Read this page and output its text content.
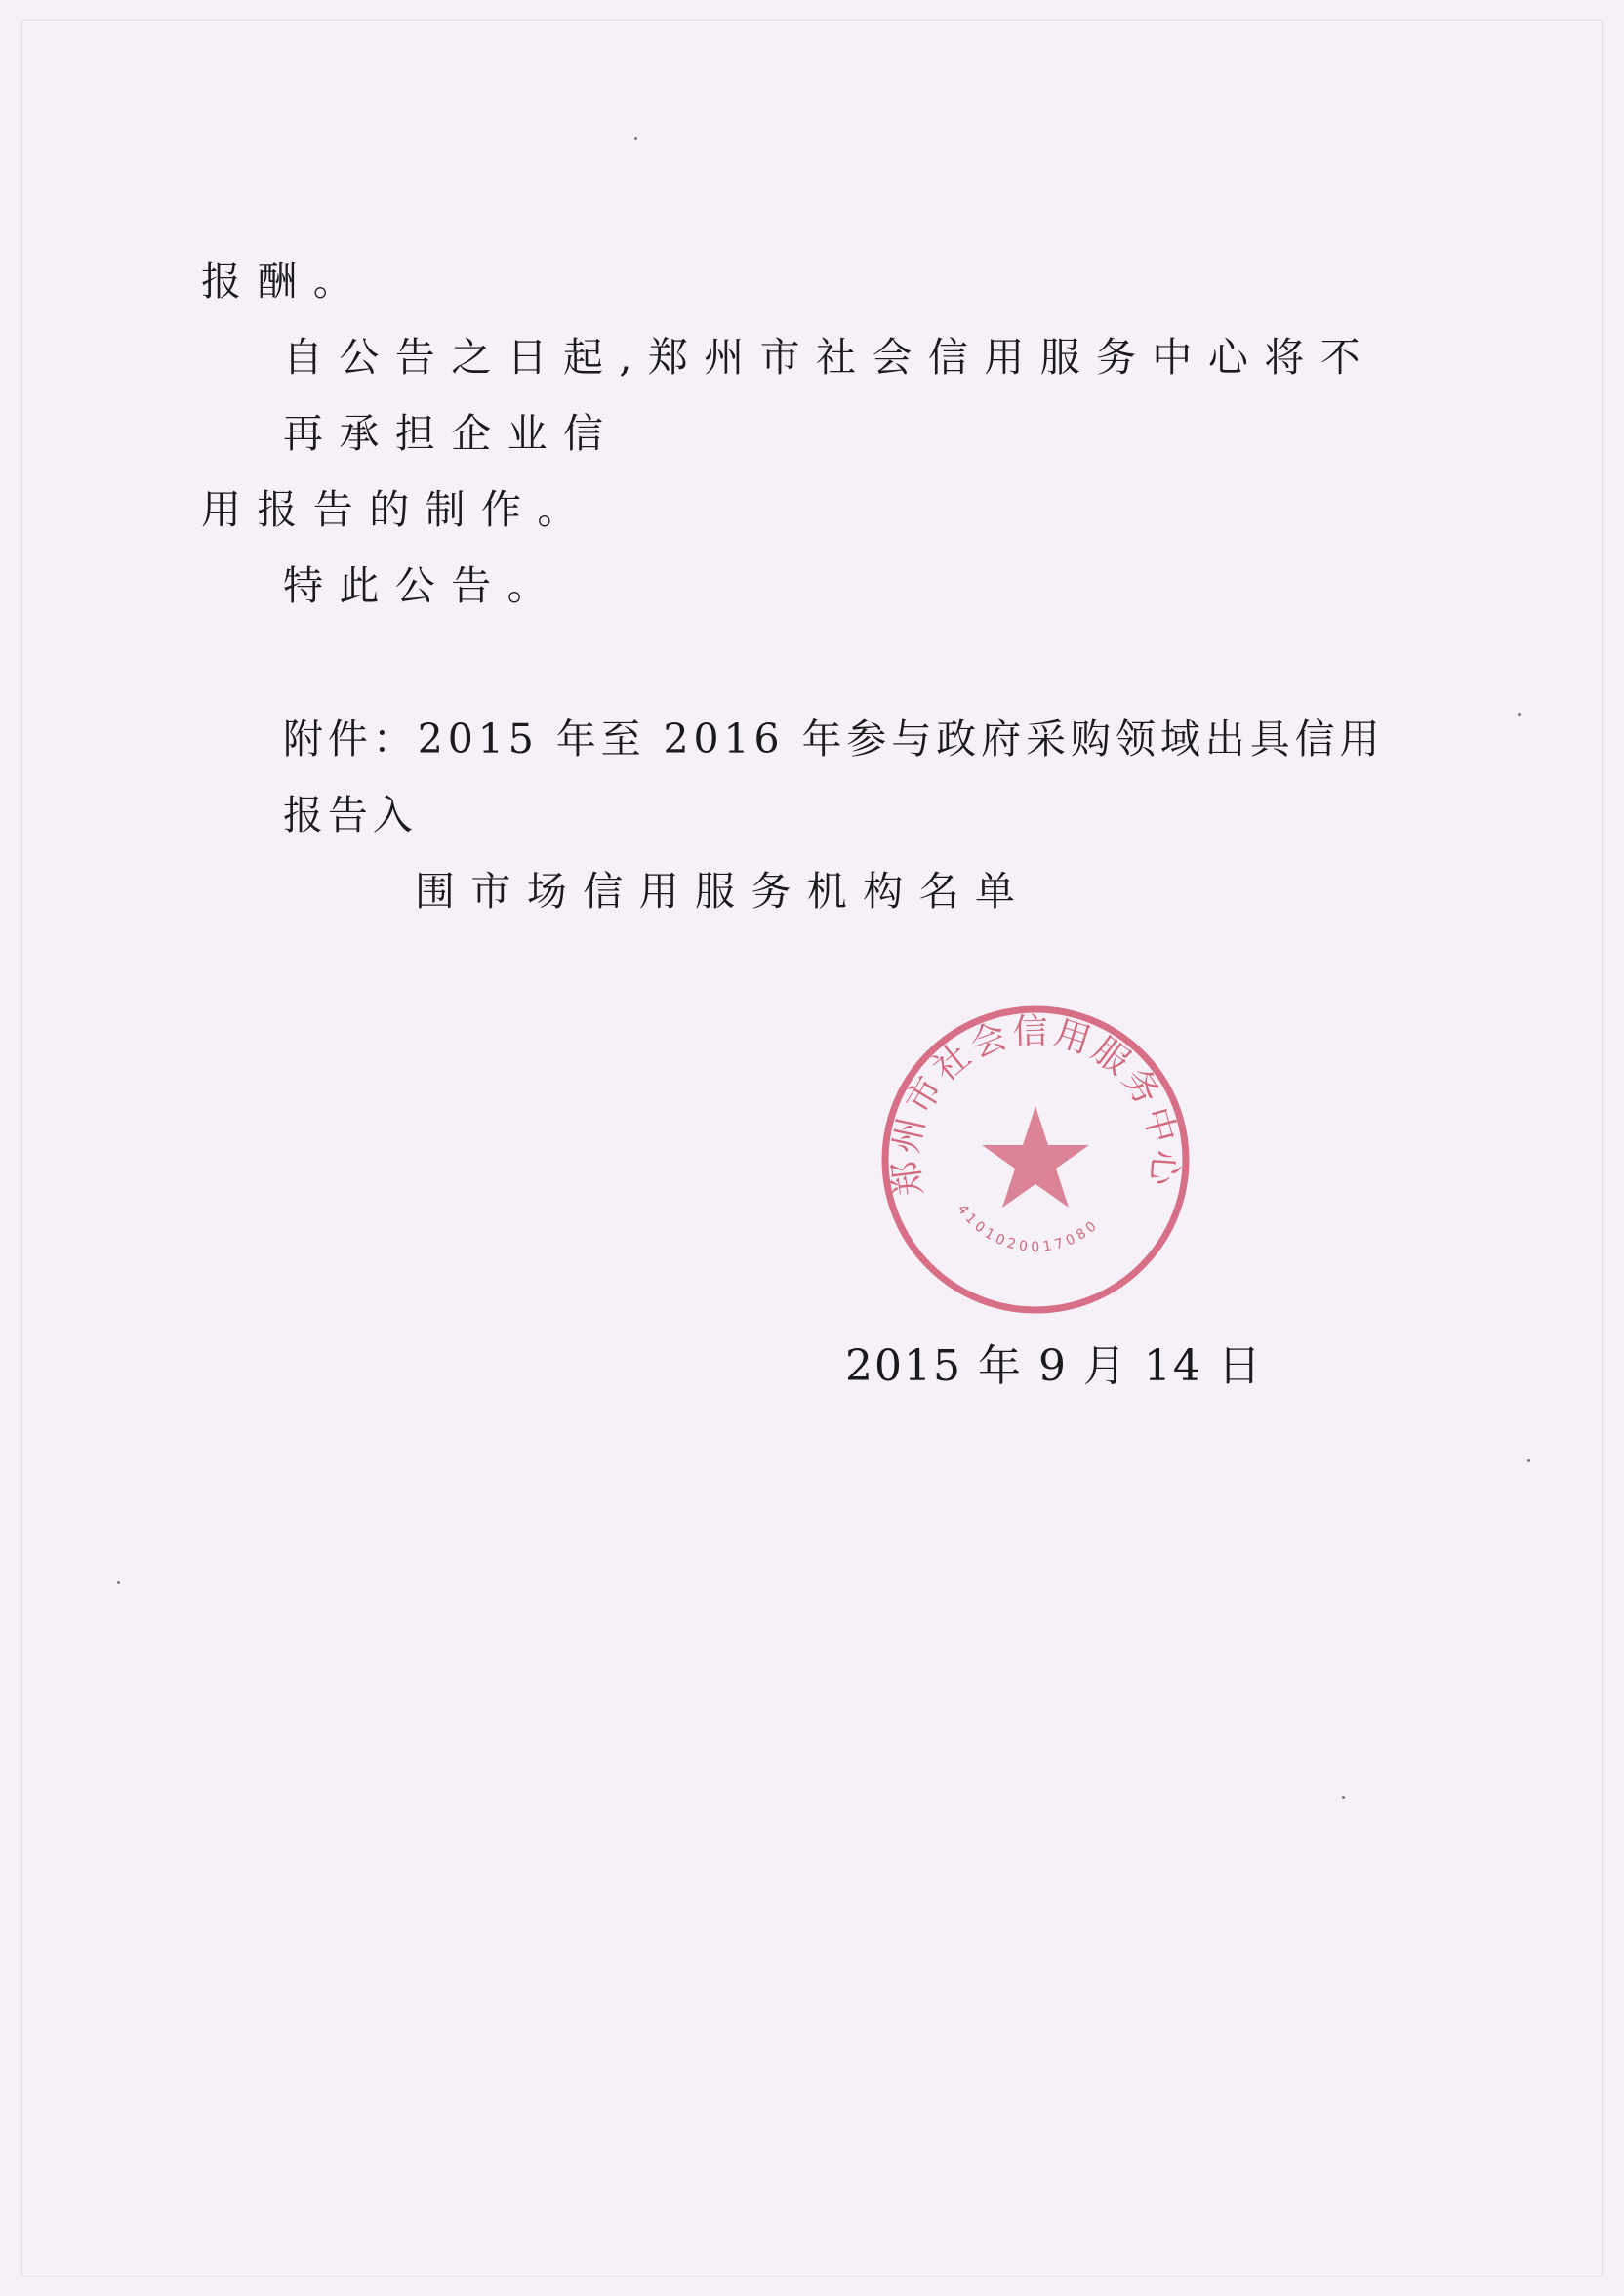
报酬。

自公告之日起,郑州市社会信用服务中心将不再承担企业信

用报告的制作。

特此公告。

附件：2015 年至 2016 年参与政府采购领域出具信用报告入

围市场信用服务机构名单

郑州市社会信用服务中心
4101020017080
2015 年 9 月 14 日
